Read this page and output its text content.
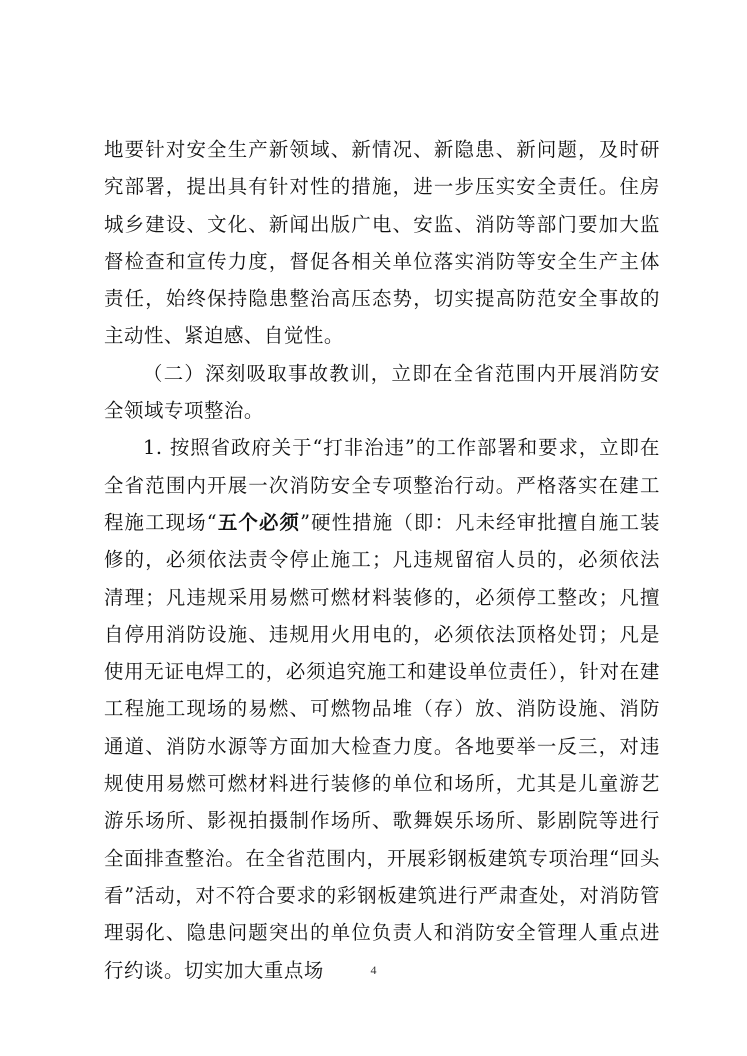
地要针对安全生产新领域、新情况、新隐患、新问题，及时研究部署，提出具有针对性的措施，进一步压实安全责任。住房城乡建设、文化、新闻出版广电、安监、消防等部门要加大监督检查和宣传力度，督促各相关单位落实消防等安全生产主体责任，始终保持隐患整治高压态势，切实提高防范安全事故的主动性、紧迫感、自觉性。

（二）深刻吸取事故教训，立即在全省范围内开展消防安全领域专项整治。

1. 按照省政府关于“打非治违”的工作部署和要求，立即在全省范围内开展一次消防安全专项整治行动。严格落实在建工程施工现场“五个必须”硬性措施（即：凡未经审批擅自施工装修的，必须依法责令停止施工；凡违规留宿人员的，必须依法清理；凡违规采用易燃可燃材料装修的，必须停工整改；凡擅自停用消防设施、违规用火用电的，必须依法顶格处罚；凡是使用无证电焊工的，必须追究施工和建设单位责任），针对在建工程施工现场的易燃、可燃物品堆（存）放、消防设施、消防通道、消防水源等方面加大检查力度。各地要举一反三，对违规使用易燃可燃材料进行装修的单位和场所，尤其是儿童游艺游乐场所、影视拍摄制作场所、歌舞娱乐场所、影剧院等进行全面排查整治。在全省范围内，开展彩钢板建筑专项治理“回头看”活动，对不符合要求的彩钢板建筑进行严肃查处，对消防管理弱化、隐患问题突出的单位负责人和消防安全管理人重点进行约谈。切实加大重点场	4
